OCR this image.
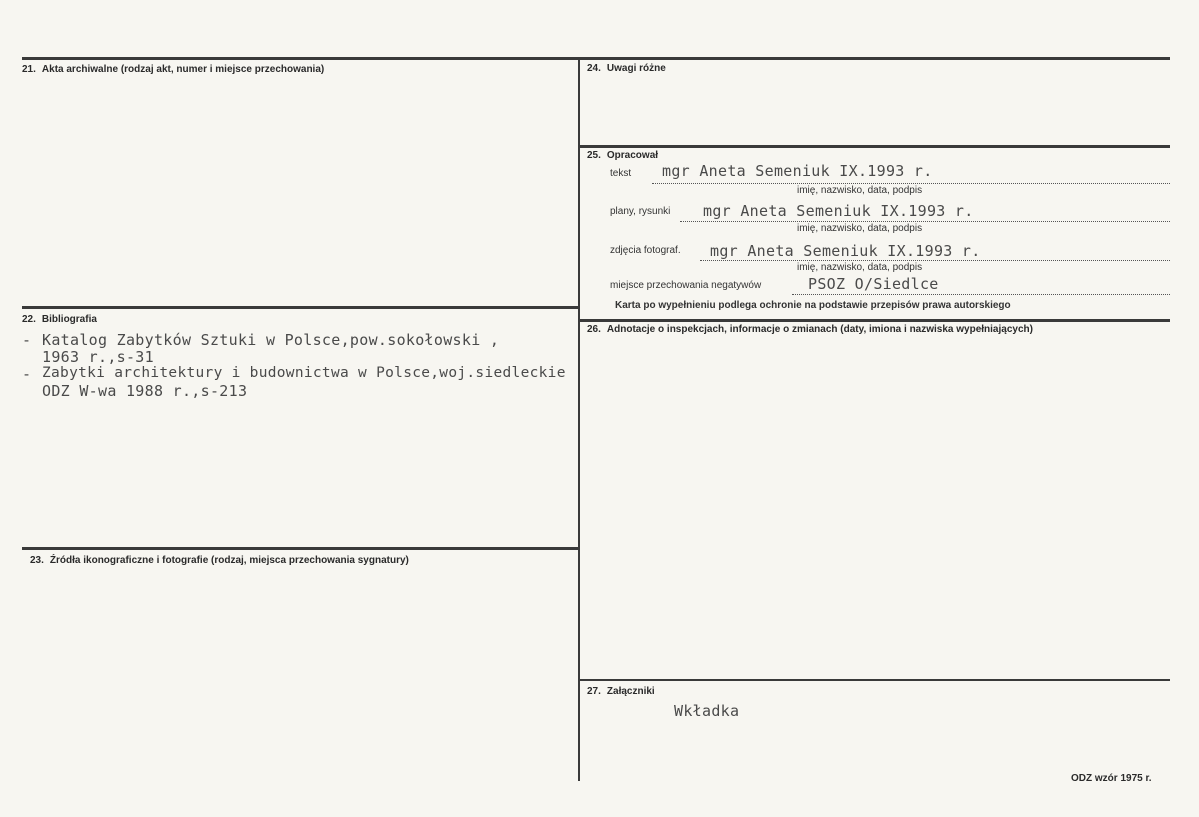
21. Akta archiwalne (rodzaj akt, numer i miejsce przechowania)
22. Bibliografia
- Katalog Zabytków Sztuki w Polsce,pow.sokołowski ,
1963 r.,s-31
- Zabytki architektury i budownictwa w Polsce,woj.siedleckie
ODZ W-wa 1988 r.,s-213
23. Źródła ikonograficzne i fotografie (rodzaj, miejsca przechowania sygnatury)
24. Uwagi różne
25. Opracował
tekst mgr Aneta Semeniuk IX.1993 r.
imię, nazwisko, data, podpis
plany, rysunki mgr Aneta Semeniuk IX.1993 r.
imię, nazwisko, data, podpis
zdjęcia fotograf. mgr Aneta Semeniuk IX.1993 r.
imię, nazwisko, data, podpis
miejsce przechowania negatywów	PSOZ O/Siedlce
Karta po wypełnieniu podlega ochronie na podstawie przepisów prawa autorskiego
26. Adnotacje o inspekcjach, informacje o zmianach (daty, imiona i nazwiska wypełniających)
27. Załączniki
Wkładka
ODZ wzór 1975 r.
